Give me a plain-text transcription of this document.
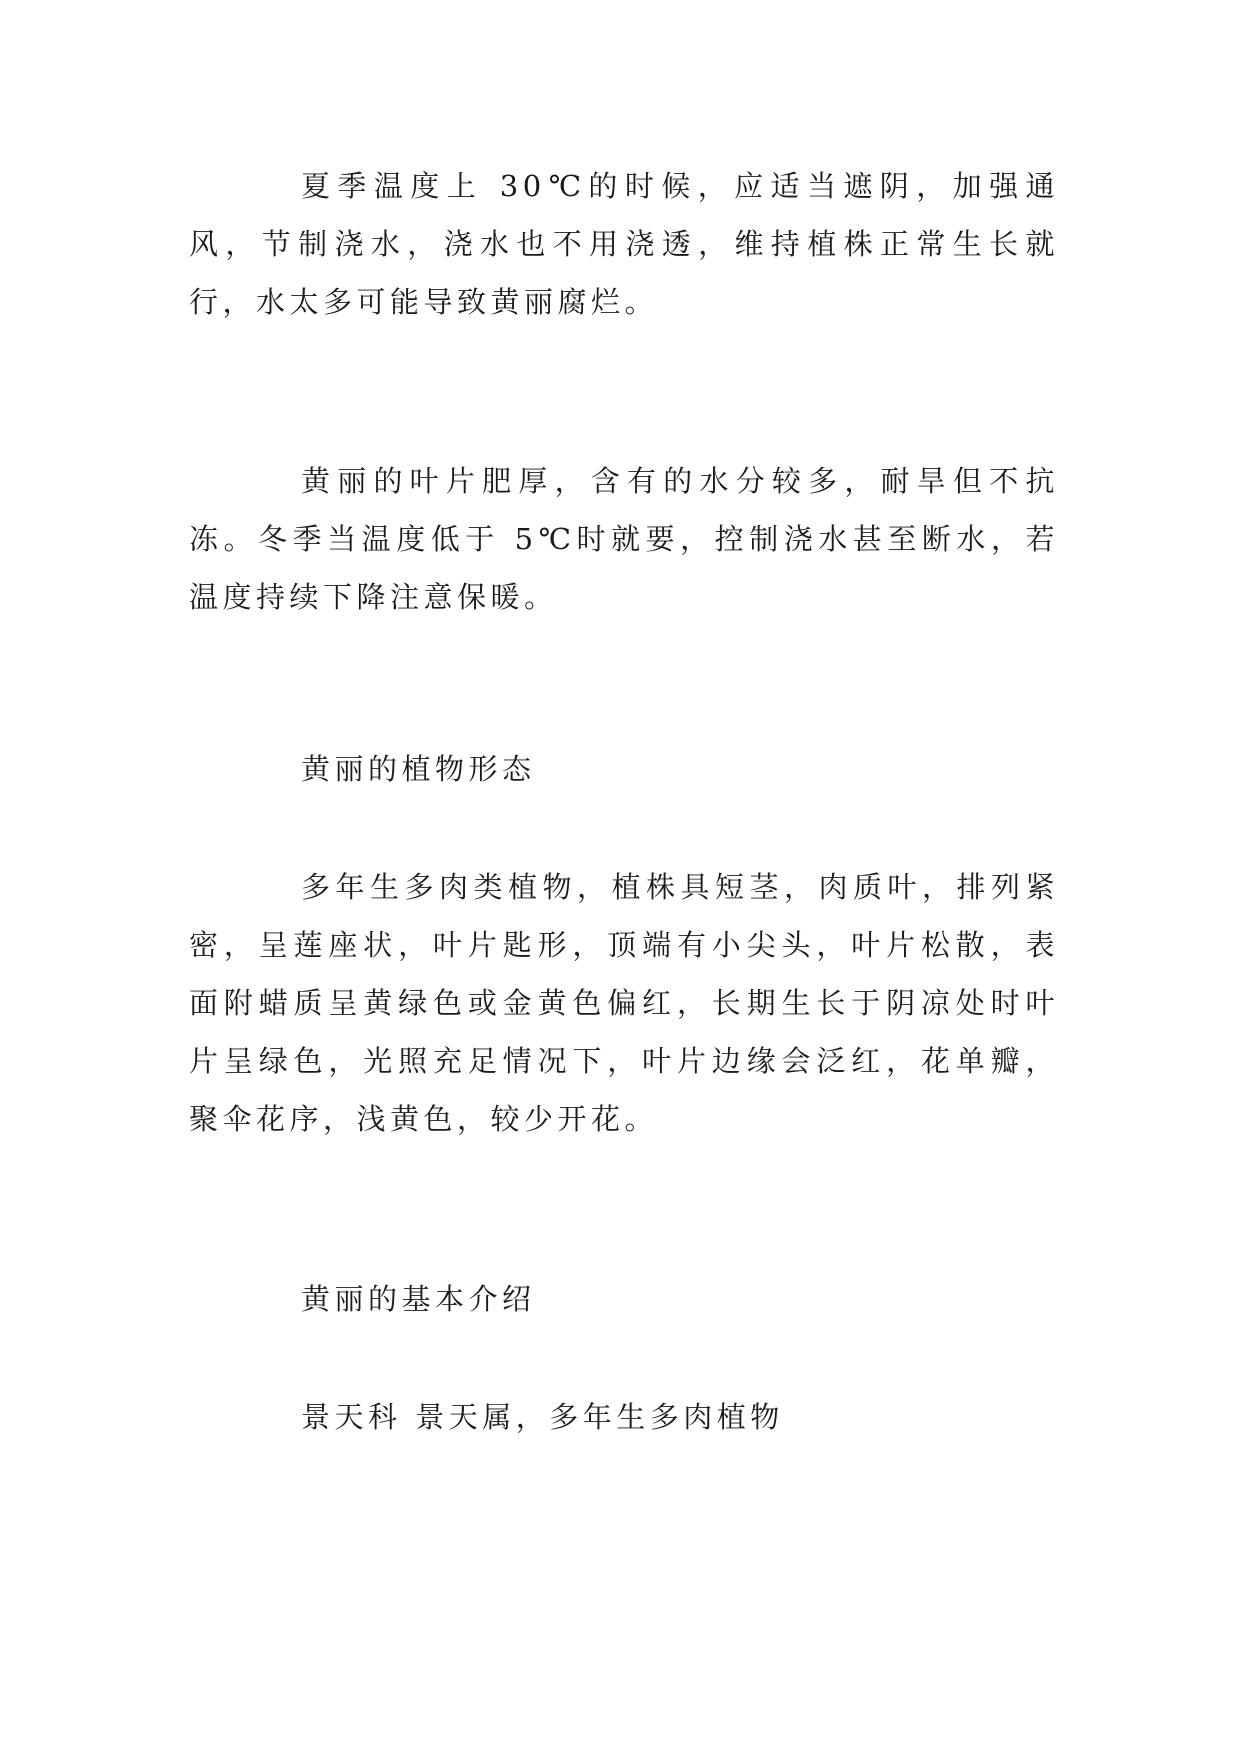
夏季温度上 30℃的时候，应适当遮阴，加强通风，节制浇水，浇水也不用浇透，维持植株正常生长就行，水太多可能导致黄丽腐烂。

黄丽的叶片肥厚，含有的水分较多，耐旱但不抗冻。冬季当温度低于 5℃时就要，控制浇水甚至断水，若温度持续下降注意保暖。

黄丽的植物形态

多年生多肉类植物，植株具短茎，肉质叶，排列紧密，呈莲座状，叶片匙形，顶端有小尖头，叶片松散，表面附蜡质呈黄绿色或金黄色偏红，长期生长于阴凉处时叶片呈绿色，光照充足情况下，叶片边缘会泛红，花单瓣，聚伞花序，浅黄色，较少开花。

黄丽的基本介绍

景天科 景天属，多年生多肉植物
